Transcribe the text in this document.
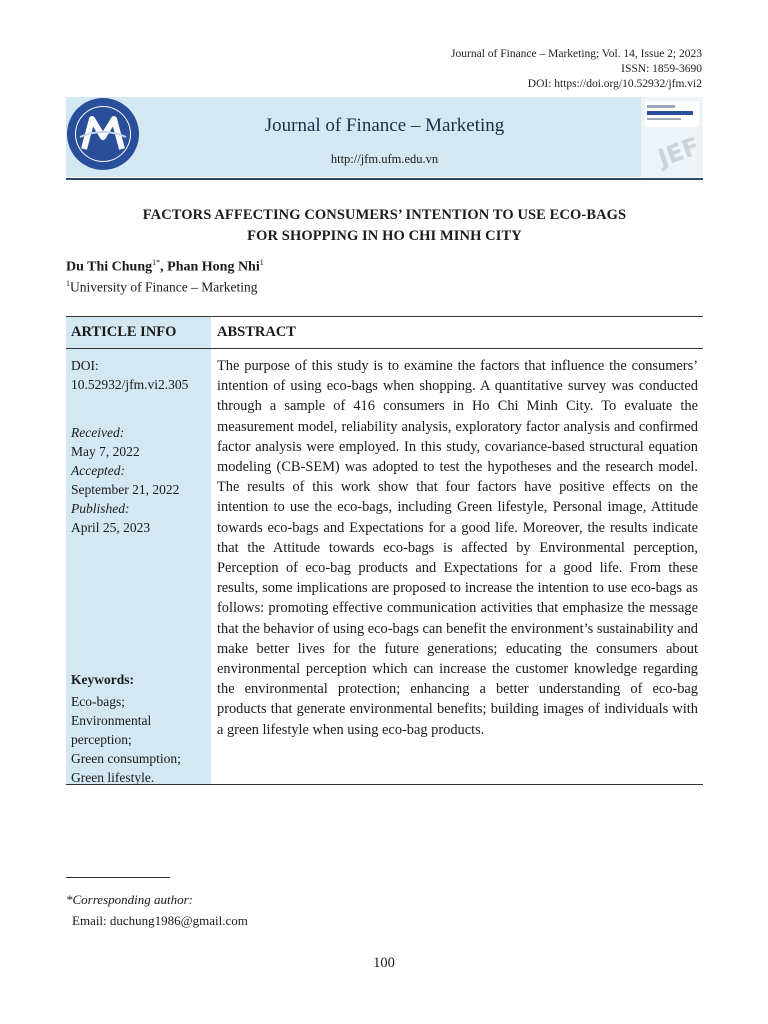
Journal of Finance – Marketing; Vol. 14, Issue 2; 2023
ISSN: 1859-3690
DOI: https://doi.org/10.52932/jfm.vi2
Journal of Finance – Marketing
http://jfm.ufm.edu.vn	JEF
FACTORS AFFECTING CONSUMERS’ INTENTION TO USE ECO-BAGS
FOR SHOPPING IN HO CHI MINH CITY
Du Thi Chung$^{1*}$, Phan Hong Nhi$^1$
$^1$University of Finance – Marketing
ARTICLE INFO	ABSTRACT
DOI:
10.52932/jfm.vi2.305
Received:
May 7, 2022
Accepted:
September 21, 2022
Published:
April 25, 2023
Keywords:
Eco-bags;
Environmental
perception;
Green consumption;
Green lifestyle.
The purpose of this study is to examine the factors that influence the consumers’ intention of using eco-bags when shopping. A quantitative survey was conducted through a sample of 416 consumers in Ho Chi Minh City. To evaluate the measurement model, reliability analysis, exploratory factor analysis and confirmed factor analysis were employed. In this study, covariance-based structural equation modeling (CB-SEM) was adopted to test the hypotheses and the research model. The results of this work show that four factors have positive effects on the intention to use the eco-bags, including Green lifestyle, Personal image, Attitude towards eco-bags and Expectations for a good life. Moreover, the results indicate that the Attitude towards eco-bags is affected by Environmental perception, Perception of eco-bag products and Expectations for a good life. From these results, some implications are proposed to increase the intention to use eco-bags as follows: promoting effective communication activities that emphasize the message that the behavior of using eco-bags can benefit the environment’s sustainability and make better lives for the future generations; educating the consumers about environmental perception which can increase the customer knowledge regarding the environmental protection; enhancing a better understanding of eco-bag products that generate environmental benefits; building images of individuals with a green lifestyle when using eco-bag products.
*Corresponding author:
Email: duchung1986@gmail.com
100
